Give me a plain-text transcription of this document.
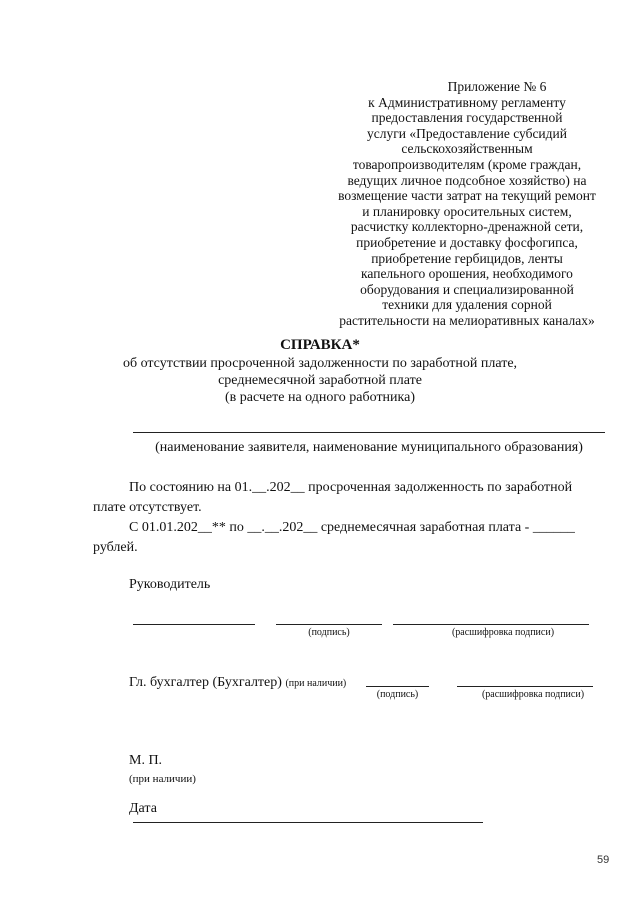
Приложение № 6
к Административному регламенту
предоставления государственной
услуги «Предоставление субсидий
сельскохозяйственным
товаропроизводителям (кроме граждан,
ведущих личное подсобное хозяйство) на
возмещение части затрат на текущий ремонт
и планировку оросительных систем,
расчистку коллекторно-дренажной сети,
приобретение и доставку фосфогипса,
приобретение гербицидов, ленты
капельного орошения, необходимого
оборудования и специализированной
техники для удаления сорной
растительности на мелиоративных каналах»
СПРАВКА*
об отсутствии просроченной задолженности по заработной плате,
среднемесячной заработной плате
(в расчете на одного работника)
(наименование заявителя, наименование муниципального образования)
По состоянию на 01.__.202__ просроченная задолженность по заработной
плате отсутствует.
С 01.01.202__** по __.__.202__ среднемесячная заработная плата - ______
рублей.
Руководитель
(подпись)	(расшифровка подписи)
Гл. бухгалтер (Бухгалтер) (при наличии)
(подпись)	(расшифровка подписи)
М. П.
(при наличии)
Дата
59
